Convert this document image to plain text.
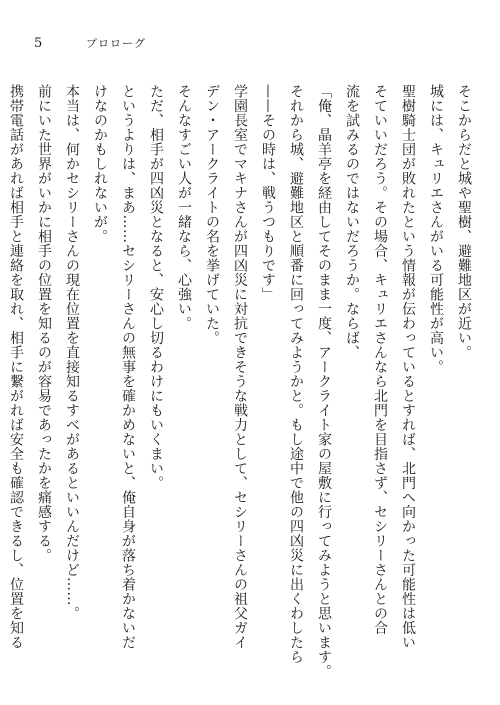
5	プロローグ
そこからだと城や聖樹、避難地区が近い。
城には、キュリエさんがいる可能性が高い。
聖樹騎士団が敗れたという情報が伝わっているとすれば、北門へ向かった可能性は低い
そていいだろう。その場合、キュリエさんなら北門を目指さず、セシリーさんとの合
流を試みるのではないだろうか。ならば、
「俺、晶羊亭を経由してそのまま一度、アークライト家の屋敷に行ってみようと思います。
それから城、避難地区と順番に回ってみようかと。もし途中で他の四凶災に出くわしたら
——その時は、戦うつもりです」
学園長室でマキナさんが四凶災に対抗できそうな戦力として、セシリーさんの祖父ガイ
デン・アークライトの名を挙げていた。
そんなすごい人が一緒なら、心強い。
ただ、相手が四凶災となると、安心し切るわけにもいくまい。
というよりは、まあ……セシリーさんの無事を確かめないと、俺自身が落ち着かないだ
けなのかもしれないが。
本当は、何かセシリーさんの現在位置を直接知るすべがあるといいんだけど……。
前にいた世界がいかに相手の位置を知るのが容易であったかを痛感する。
携帯電話があれば相手と連絡を取れ、相手に繋がれば安全も確認できるし、位置を知る
